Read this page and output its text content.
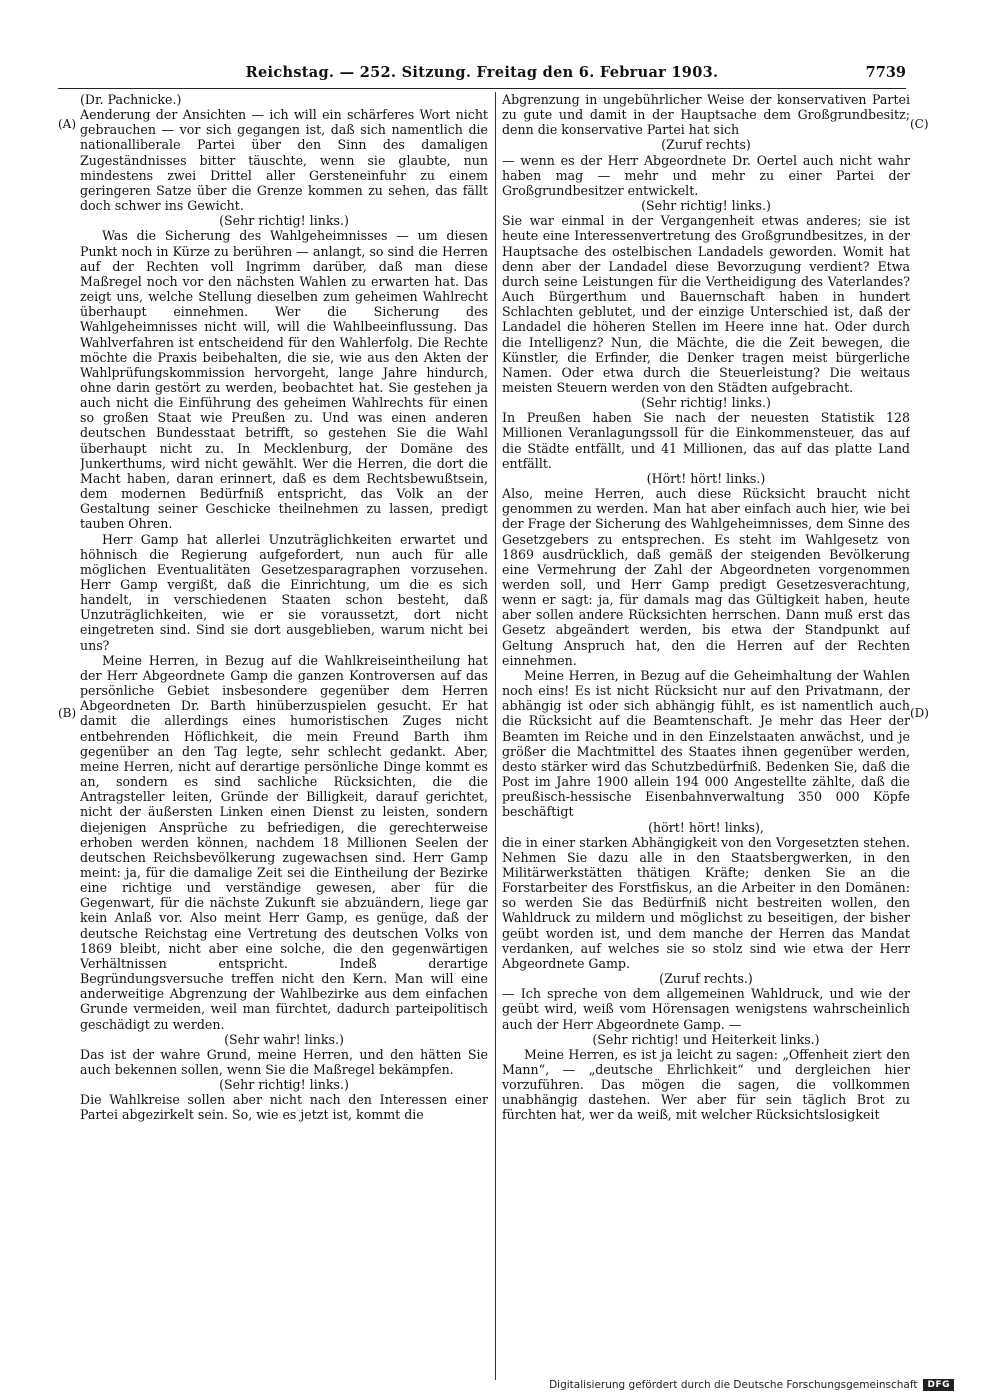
Reichstag. — 252. Sitzung. Freitag den 6. Februar 1903.	7739
(A)
(B)
(C)
(D)

(Dr. Pachnicke.)

Aenderung der Ansichten — ich will ein schärferes Wort nicht gebrauchen — vor sich gegangen ist, daß sich namentlich die nationalliberale Partei über den Sinn des damaligen Zugeständnisses bitter täuschte, wenn sie glaubte, nun mindestens zwei Drittel aller Gersteneinfuhr zu einem geringeren Satze über die Grenze kommen zu sehen, das fällt doch schwer ins Gewicht.

(Sehr richtig! links.)

Was die Sicherung des Wahlgeheimnisses — um diesen Punkt noch in Kürze zu berühren — anlangt, so sind die Herren auf der Rechten voll Ingrimm darüber, daß man diese Maßregel noch vor den nächsten Wahlen zu erwarten hat. Das zeigt uns, welche Stellung dieselben zum geheimen Wahlrecht überhaupt einnehmen. Wer die Sicherung des Wahlgeheimnisses nicht will, will die Wahlbeeinflussung. Das Wahlverfahren ist entscheidend für den Wahlerfolg. Die Rechte möchte die Praxis beibehalten, die sie, wie aus den Akten der Wahlprüfungskommission hervorgeht, lange Jahre hindurch, ohne darin gestört zu werden, beobachtet hat. Sie gestehen ja auch nicht die Einführung des geheimen Wahlrechts für einen so großen Staat wie Preußen zu. Und was einen anderen deutschen Bundesstaat betrifft, so gestehen Sie die Wahl überhaupt nicht zu. In Mecklenburg, der Domäne des Junkerthums, wird nicht gewählt. Wer die Herren, die dort die Macht haben, daran erinnert, daß es dem Rechtsbewußtsein, dem modernen Bedürfniß entspricht, das Volk an der Gestaltung seiner Geschicke theilnehmen zu lassen, predigt tauben Ohren.

Herr Gamp hat allerlei Unzuträglichkeiten erwartet und höhnisch die Regierung aufgefordert, nun auch für alle möglichen Eventualitäten Gesetzesparagraphen vorzusehen. Herr Gamp vergißt, daß die Einrichtung, um die es sich handelt, in verschiedenen Staaten schon besteht, daß Unzuträglichkeiten, wie er sie voraussetzt, dort nicht eingetreten sind. Sind sie dort ausgeblieben, warum nicht bei uns?

Meine Herren, in Bezug auf die Wahlkreiseintheilung hat der Herr Abgeordnete Gamp die ganzen Kontroversen auf das persönliche Gebiet insbesondere gegenüber dem Herren Abgeordneten Dr. Barth hinüberzuspielen gesucht. Er hat damit die allerdings eines humoristischen Zuges nicht entbehrenden Höflichkeit, die mein Freund Barth ihm gegenüber an den Tag legte, sehr schlecht gedankt. Aber, meine Herren, nicht auf derartige persönliche Dinge kommt es an, sondern es sind sachliche Rücksichten, die die Antragsteller leiten, Gründe der Billigkeit, darauf gerichtet, nicht der äußersten Linken einen Dienst zu leisten, sondern diejenigen Ansprüche zu befriedigen, die gerechterweise erhoben werden können, nachdem 18 Millionen Seelen der deutschen Reichsbevölkerung zugewachsen sind. Herr Gamp meint: ja, für die damalige Zeit sei die Eintheilung der Bezirke eine richtige und verständige gewesen, aber für die Gegenwart, für die nächste Zukunft sie abzuändern, liege gar kein Anlaß vor. Also meint Herr Gamp, es genüge, daß der deutsche Reichstag eine Vertretung des deutschen Volks von 1869 bleibt, nicht aber eine solche, die den gegenwärtigen Verhältnissen entspricht. Indeß derartige Begründungsversuche treffen nicht den Kern. Man will eine anderweitige Abgrenzung der Wahlbezirke aus dem einfachen Grunde vermeiden, weil man fürchtet, dadurch parteipolitisch geschädigt zu werden.

(Sehr wahr! links.)

Das ist der wahre Grund, meine Herren, und den hätten Sie auch bekennen sollen, wenn Sie die Maßregel bekämpfen.

(Sehr richtig! links.)

Die Wahlkreise sollen aber nicht nach den Interessen einer Partei abgezirkelt sein. So, wie es jetzt ist, kommt die

Abgrenzung in ungebührlicher Weise der konservativen Partei zu gute und damit in der Hauptsache dem Großgrundbesitz; denn die konservative Partei hat sich

(Zuruf rechts)

— wenn es der Herr Abgeordnete Dr. Oertel auch nicht wahr haben mag — mehr und mehr zu einer Partei der Großgrundbesitzer entwickelt.

(Sehr richtig! links.)

Sie war einmal in der Vergangenheit etwas anderes; sie ist heute eine Interessenvertretung des Großgrundbesitzes, in der Hauptsache des ostelbischen Landadels geworden. Womit hat denn aber der Landadel diese Bevorzugung verdient? Etwa durch seine Leistungen für die Vertheidigung des Vaterlandes? Auch Bürgerthum und Bauernschaft haben in hundert Schlachten geblutet, und der einzige Unterschied ist, daß der Landadel die höheren Stellen im Heere inne hat. Oder durch die Intelligenz? Nun, die Mächte, die die Zeit bewegen, die Künstler, die Erfinder, die Denker tragen meist bürgerliche Namen. Oder etwa durch die Steuerleistung? Die weitaus meisten Steuern werden von den Städten aufgebracht.

(Sehr richtig! links.)

In Preußen haben Sie nach der neuesten Statistik 128 Millionen Veranlagungssoll für die Einkommensteuer, das auf die Städte entfällt, und 41 Millionen, das auf das platte Land entfällt.

(Hört! hört! links.)

Also, meine Herren, auch diese Rücksicht braucht nicht genommen zu werden. Man hat aber einfach auch hier, wie bei der Frage der Sicherung des Wahlgeheimnisses, dem Sinne des Gesetzgebers zu entsprechen. Es steht im Wahlgesetz von 1869 ausdrücklich, daß gemäß der steigenden Bevölkerung eine Vermehrung der Zahl der Abgeordneten vorgenommen werden soll, und Herr Gamp predigt Gesetzesverachtung, wenn er sagt: ja, für damals mag das Gültigkeit haben, heute aber sollen andere Rücksichten herrschen. Dann muß erst das Gesetz abgeändert werden, bis etwa der Standpunkt auf Geltung Anspruch hat, den die Herren auf der Rechten einnehmen.

Meine Herren, in Bezug auf die Geheimhaltung der Wahlen noch eins! Es ist nicht Rücksicht nur auf den Privatmann, der abhängig ist oder sich abhängig fühlt, es ist namentlich auch die Rücksicht auf die Beamtenschaft. Je mehr das Heer der Beamten im Reiche und in den Einzelstaaten anwächst, und je größer die Machtmittel des Staates ihnen gegenüber werden, desto stärker wird das Schutzbedürfniß. Bedenken Sie, daß die Post im Jahre 1900 allein 194 000 Angestellte zählte, daß die preußisch-hessische Eisenbahnverwaltung 350 000 Köpfe beschäftigt

(hört! hört! links),

die in einer starken Abhängigkeit von den Vorgesetzten stehen. Nehmen Sie dazu alle in den Staatsbergwerken, in den Militärwerkstätten thätigen Kräfte; denken Sie an die Forstarbeiter des Forstfiskus, an die Arbeiter in den Domänen: so werden Sie das Bedürfniß nicht bestreiten wollen, den Wahldruck zu mildern und möglichst zu beseitigen, der bisher geübt worden ist, und dem manche der Herren das Mandat verdanken, auf welches sie so stolz sind wie etwa der Herr Abgeordnete Gamp.

(Zuruf rechts.)

— Ich spreche von dem allgemeinen Wahldruck, und wie der geübt wird, weiß vom Hörensagen wenigstens wahrscheinlich auch der Herr Abgeordnete Gamp. —

(Sehr richtig! und Heiterkeit links.)

Meine Herren, es ist ja leicht zu sagen: „Offenheit ziert den Mann“, — „deutsche Ehrlichkeit“ und dergleichen hier vorzuführen. Das mögen die sagen, die vollkommen unabhängig dastehen. Wer aber für sein täglich Brot zu fürchten hat, wer da weiß, mit welcher Rücksichtslosigkeit

Digitalisierung gefördert durch die Deutsche Forschungsgemeinschaft	DFG
